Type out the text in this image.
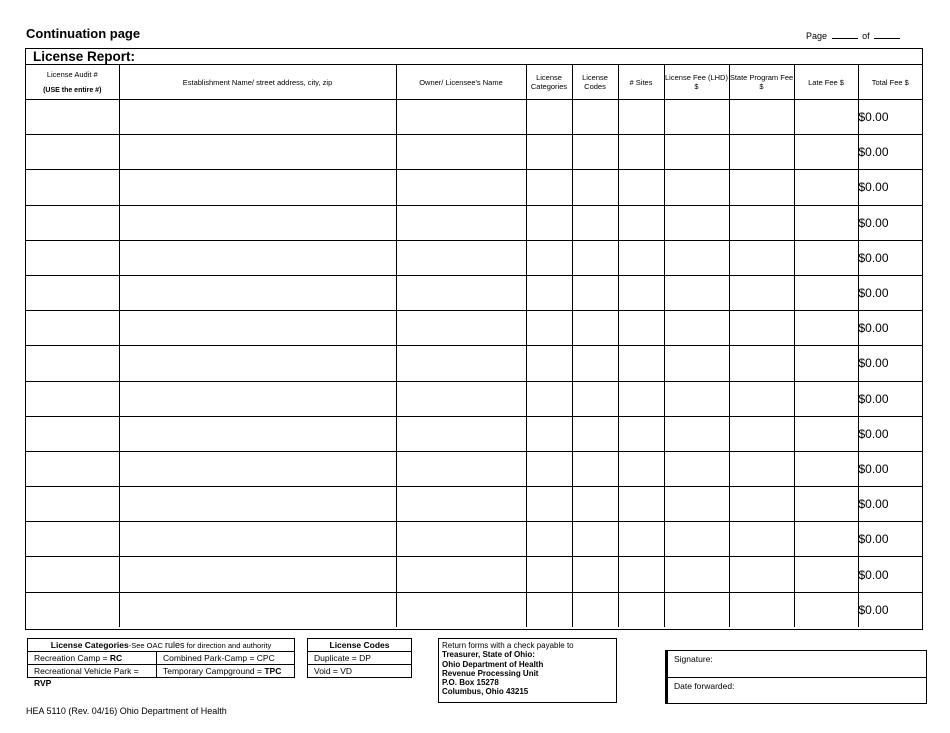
Continuation page	Page	of
License Report:
License Audit #
(USE the entire #)	Establishment Name/ street address, city, zip	Owner/ Licensee's Name	License Categories	License Codes	# Sites	License Fee (LHD) $	State Program Fee $	Late Fee $	Total Fee $
									$0.00
									$0.00
									$0.00
									$0.00
									$0.00
									$0.00
									$0.00
									$0.00
									$0.00
									$0.00
									$0.00
									$0.00
									$0.00
									$0.00
									$0.00
License Categories-See OAC rules for direction and authority
Recreation Camp = RC	Combined Park-Camp = CPC
Recreational Vehicle Park = RVP
Temporary Campground = TPC
License Codes
Duplicate = DP
Void = VD
Return forms with a check payable to
Treasurer, State of Ohio:
Ohio Department of Health
Revenue Processing Unit
P.O. Box 15278
Columbus, Ohio 43215
Signature:
Date forwarded:
HEA 5110 (Rev. 04/16) Ohio Department of Health
